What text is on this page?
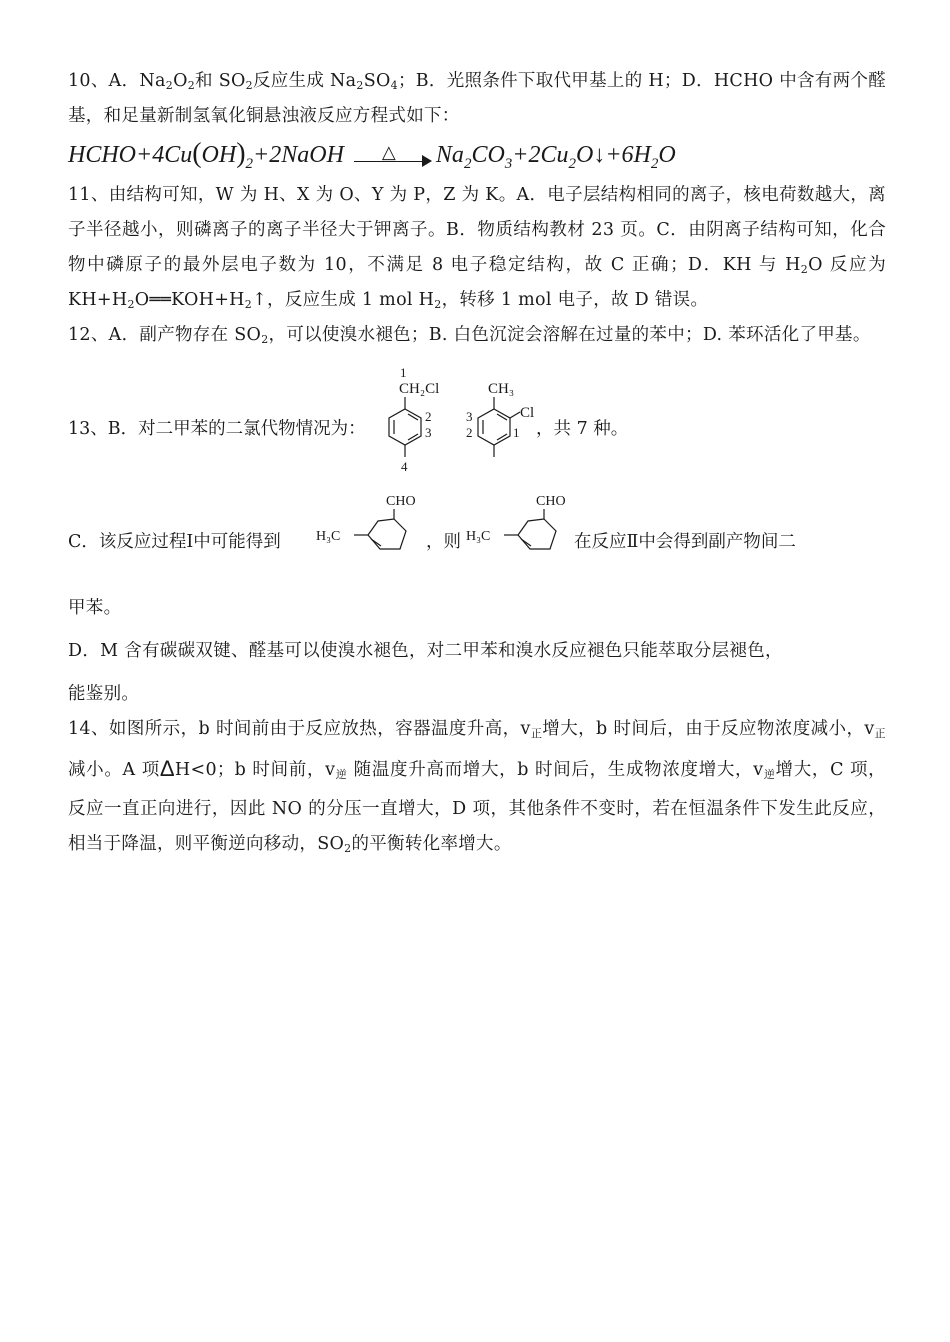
10、A．$Na_2O_2$和 $SO_2$反应生成 $Na_2SO_4$；B．光照条件下取代甲基上的 H；D．HCHO 中含有两个醛基，和足量新制氢氧化铜悬浊液反应方程式如下：

$HCHO+4Cu(OH)_2+2NaOH$ △ $Na_2CO_3+2Cu_2O↓+6H_2O$

11、由结构可知，W 为 H、X 为 O、Y 为 P，Z 为 K。A．电子层结构相同的离子，核电荷数越大，离子半径越小，则磷离子的离子半径大于钾离子。B．物质结构教材 23 页。C．由阴离子结构可知，化合物中磷原子的最外层电子数为 10，不满足 8 电子稳定结构，故 C 正确；D．KH 与 $H_2O$ 反应为 $KH+H_2O══KOH+H_2↑$，反应生成 1 mol $H_2$，转移 1 mol 电子，故 D 错误。

12、A．副产物存在 $SO_2$，可以使溴水褪色；B. 白色沉淀会溶解在过量的苯中；D. 苯环活化了甲基。

13、B．对二甲苯的二氯代物情况为：
1
CH₂Cl
2
3
4
CH₃
Cl
3
2	1 ，共 7 种。
C．该反应过程Ⅰ中可能得到
CHO
H₃C	，则
CHO
H₃C	在反应Ⅱ中会得到副产物间二

甲苯。

D．M 含有碳碳双键、醛基可以使溴水褪色，对二甲苯和溴水反应褪色只能萃取分层褪色，

能鉴别。

14、如图所示，b 时间前由于反应放热，容器温度升高，v正增大，b 时间后，由于反应物浓度减小，v正减小。A 项ΔH<0；b 时间前，v逆 随温度升高而增大，b 时间后，生成物浓度增大，v逆增大，C 项，反应一直正向进行，因此 NO 的分压一直增大，D 项，其他条件不变时，若在恒温条件下发生此反应，相当于降温，则平衡逆向移动，$SO_2$的平衡转化率增大。
